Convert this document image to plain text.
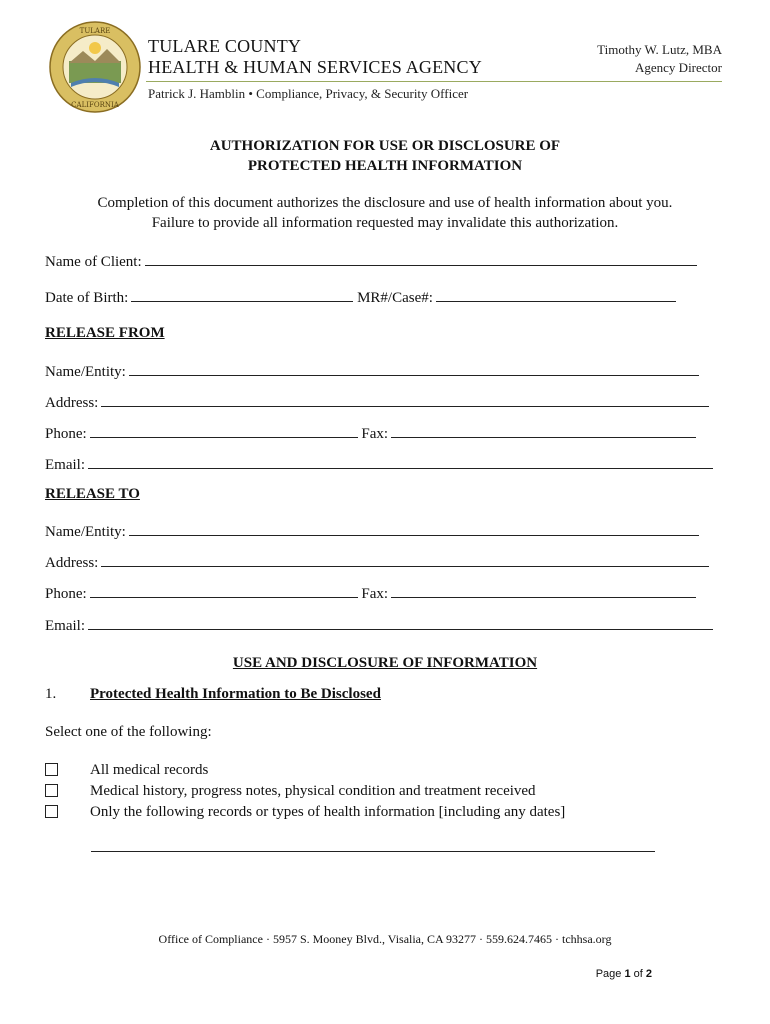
TULARE
CALIFORNIA
TULARE COUNTY
HEALTH & HUMAN SERVICES AGENCY
Patrick J. Hamblin • Compliance, Privacy, & Security Officer
Timothy W. Lutz, MBA
Agency Director
AUTHORIZATION FOR USE OR DISCLOSURE OF
PROTECTED HEALTH INFORMATION
Completion of this document authorizes the disclosure and use of health information about you.
Failure to provide all information requested may invalidate this authorization.
Name of Client:
Date of Birth:	MR#/Case#:
RELEASE FROM
Name/Entity:
Address:
Phone:	Fax:
Email:
RELEASE TO
Name/Entity:
Address:
Phone:	Fax:
Email:
USE AND DISCLOSURE OF INFORMATION
1. Protected Health Information to Be Disclosed
Select one of the following:
All medical records
Medical history, progress notes, physical condition and treatment received
Only the following records or types of health information [including any dates]
Office of Compliance · 5957 S. Mooney Blvd., Visalia, CA 93277 · 559.624.7465 · tchhsa.org
Page 1 of 2
